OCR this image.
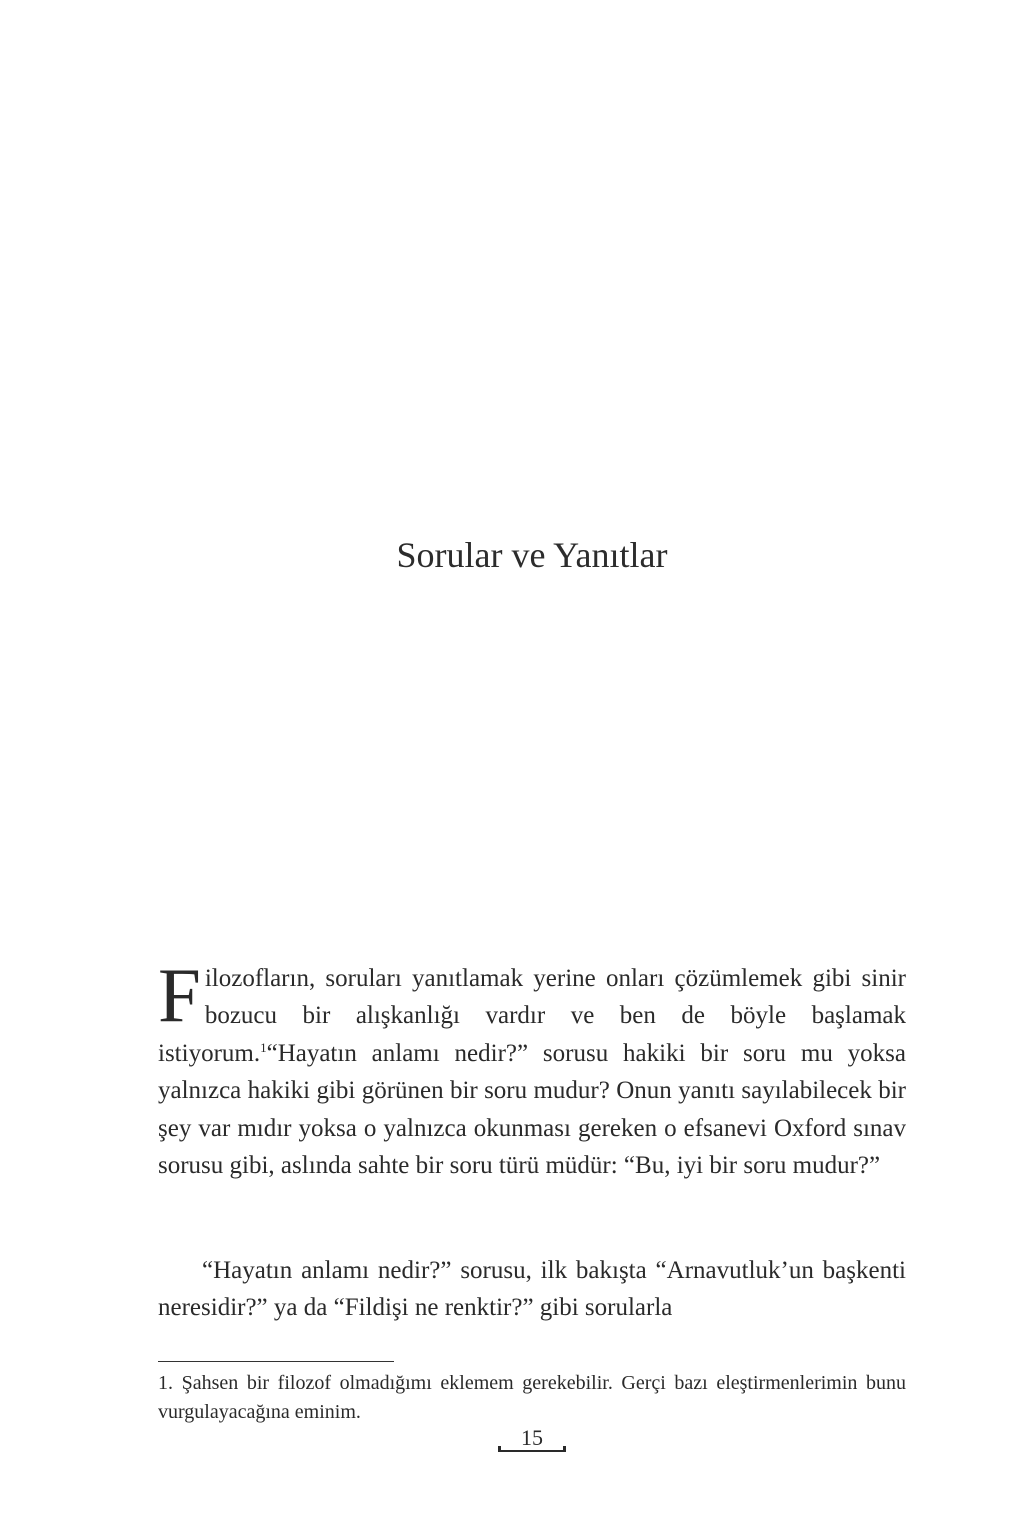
Sorular ve Yanıtlar

Filozofların, soruları yanıtlamak yerine onları çözümlemek gibi sinir bozucu bir alışkanlığı vardır ve ben de böyle başlamak istiyorum.$^1$“Hayatın anlamı nedir?” sorusu hakiki bir soru mu yoksa yalnızca hakiki gibi görünen bir soru mudur? Onun yanıtı sayılabilecek bir şey var mıdır yoksa o yalnızca okunması gereken o efsanevi Oxford sınav sorusu gibi, aslında sahte bir soru türü müdür: “Bu, iyi bir soru mudur?”

“Hayatın anlamı nedir?” sorusu, ilk bakışta “Arnavutluk’un başkenti neresidir?” ya da “Fildişi ne renktir?” gibi sorularla

1. Şahsen bir filozof olmadığımı eklemem gerekebilir. Gerçi bazı eleştirmenlerimin bunu vurgulayacağına eminim.

15
